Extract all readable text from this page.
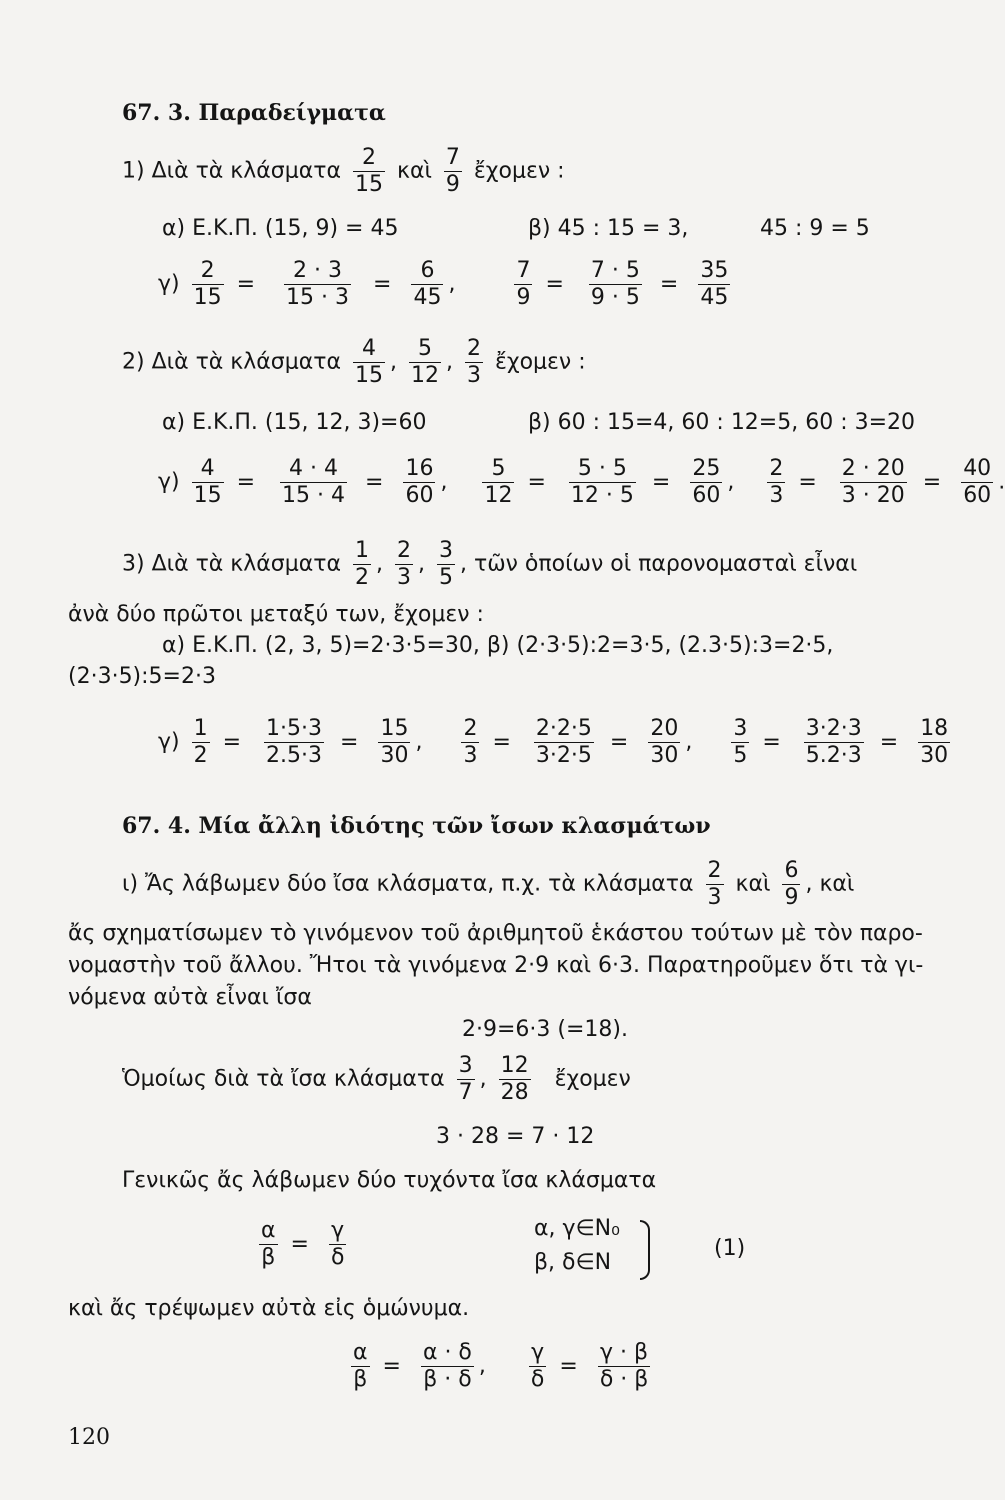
67. 3. Παραδείγματα
1) Διὰ τὰ κλάσματα $\frac{2}{15}$ καὶ $\frac{7}{9}$ ἔχομεν :
α) Ε.Κ.Π. (15, 9) = 45	β) 45 : 15 = 3,	45 : 9 = 5
$\gamma) \frac{2}{15} = \frac{2 \cdot 3}{15 \cdot 3} = \frac{6}{45}$ , $\frac{7}{9} = \frac{7 \cdot 5}{9 \cdot 5} = \frac{35}{45}$
2) Διὰ τὰ κλάσματα $\frac{4}{15}$ , $\frac{5}{12}$ , $\frac{2}{3}$ ἔχομεν :
α) Ε.Κ.Π. (15, 12, 3)=60	β) 60 : 15=4, 60 : 12=5, 60 : 3=20
$\gamma) \frac{4}{15} = \frac{4 \cdot 4}{15 \cdot 4} = \frac{16}{60}$ , $\frac{5}{12} = \frac{5 \cdot 5}{12 \cdot 5} = \frac{25}{60}$ , $\frac{2}{3} = \frac{2 \cdot 20}{3 \cdot 20} = \frac{40}{60}$ .
3) Διὰ τὰ κλάσματα $\frac{1}{2}$ , $\frac{2}{3}$ , $\frac{3}{5}$ , τῶν ὁποίων οἱ παρονομασταὶ εἶναι
ἀνὰ δύο πρῶτοι μεταξύ των, ἔχομεν :
α) Ε.Κ.Π. (2, 3, 5)=2·3·5=30, β) (2·3·5):2=3·5, (2.3·5):3=2·5,
(2·3·5):5=2·3
$\gamma) \frac{1}{2} = \frac{1\cdot 5\cdot 3}{2.5\cdot 3} = \frac{15}{30}$ , $\frac{2}{3} = \frac{2\cdot 2\cdot 5}{3\cdot 2\cdot 5} = \frac{20}{30}$ , $\frac{3}{5} = \frac{3\cdot 2\cdot 3}{5.2\cdot 3} = \frac{18}{30}$
67. 4. Μία ἄλλη ἰδιότης τῶν ἴσων κλασμάτων
ι) Ἄς λάβωμεν δύο ἴσα κλάσματα, π.χ. τὰ κλάσματα $\frac{2}{3}$ καὶ $\frac{6}{9}$ , καὶ
ἄς σχηματίσωμεν τὸ γινόμενον τοῦ ἀριθμητοῦ ἑκάστου τούτων μὲ τὸν παρο-
νομαστὴν τοῦ ἄλλου. Ἤτοι τὰ γινόμενα 2·9 καὶ 6·3. Παρατηροῦμεν ὅτι τὰ γι-
νόμενα αὐτὰ εἶναι ἴσα
2·9=6·3 (=18).
Ὁμοίως διὰ τὰ ἴσα κλάσματα $\frac{3}{7}$ , $\frac{12}{28}$ ἔχομεν
3 · 28 = 7 · 12
Γενικῶς ἄς λάβωμεν δύο τυχόντα ἴσα κλάσματα
$\frac{\alpha}{\beta} = \frac{\gamma}{\delta}$	α, γ∈N₀
β, δ∈N
(1)
καὶ ἄς τρέψωμεν αὐτὰ εἰς ὁμώνυμα.
$\frac{\alpha}{\beta} = \frac{\alpha \cdot \delta}{\beta \cdot \delta}$ , $\frac{\gamma}{\delta} = \frac{\gamma \cdot \beta}{\delta \cdot \beta}$
120
